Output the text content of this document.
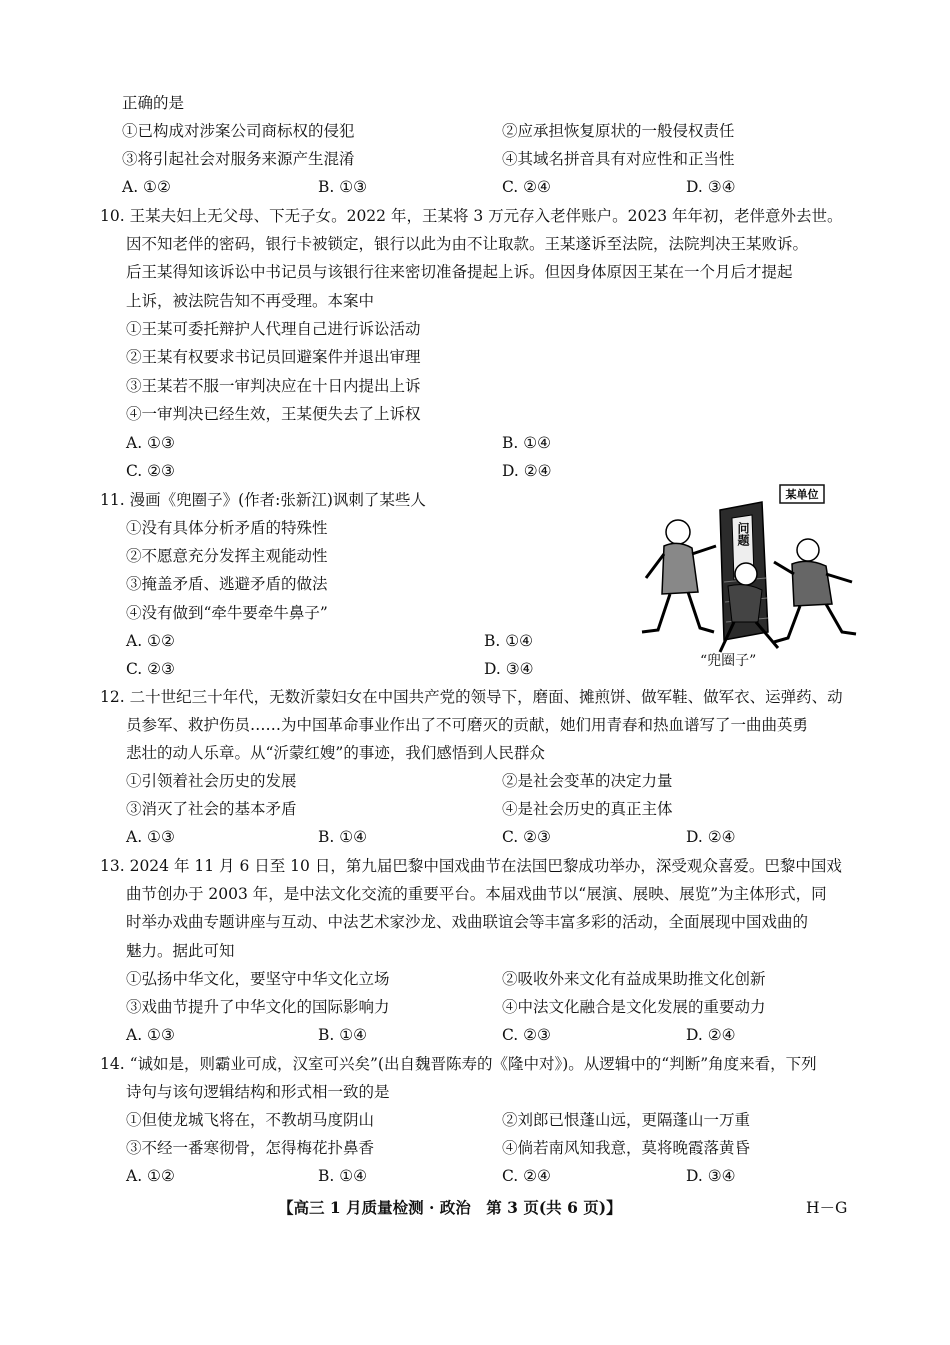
正确的是
①已构成对涉案公司商标权的侵犯	②应承担恢复原状的一般侵权责任
③将引起社会对服务来源产生混淆	④其域名拼音具有对应性和正当性
A. ①②	B. ①③	C. ②④	D. ③④
10. 王某夫妇上无父母、下无子女。2022 年，王某将 3 万元存入老伴账户。2023 年年初，老伴意外去世。
因不知老伴的密码，银行卡被锁定，银行以此为由不让取款。王某遂诉至法院，法院判决王某败诉。
后王某得知该诉讼中书记员与该银行往来密切准备提起上诉。但因身体原因王某在一个月后才提起
上诉，被法院告知不再受理。本案中
①王某可委托辩护人代理自己进行诉讼活动
②王某有权要求书记员回避案件并退出审理
③王某若不服一审判决应在十日内提出上诉
④一审判决已经生效，王某便失去了上诉权
A. ①③	B. ①④
C. ②③	D. ②④
11. 漫画《兜圈子》(作者:张新江)讽刺了某些人
①没有具体分析矛盾的特殊性
②不愿意充分发挥主观能动性
③掩盖矛盾、逃避矛盾的做法
④没有做到“牵牛要牵牛鼻子”
A. ①②	B. ①④
C. ②③	D. ③④
某单位
问题
“兜圈子”
12. 二十世纪三十年代，无数沂蒙妇女在中国共产党的领导下，磨面、摊煎饼、做军鞋、做军衣、运弹药、动
员参军、救护伤员……为中国革命事业作出了不可磨灭的贡献，她们用青春和热血谱写了一曲曲英勇
悲壮的动人乐章。从“沂蒙红嫂”的事迹，我们感悟到人民群众
①引领着社会历史的发展	②是社会变革的决定力量
③消灭了社会的基本矛盾	④是社会历史的真正主体
A. ①③	B. ①④	C. ②③	D. ②④
13. 2024 年 11 月 6 日至 10 日，第九届巴黎中国戏曲节在法国巴黎成功举办，深受观众喜爱。巴黎中国戏
曲节创办于 2003 年，是中法文化交流的重要平台。本届戏曲节以“展演、展映、展览”为主体形式，同
时举办戏曲专题讲座与互动、中法艺术家沙龙、戏曲联谊会等丰富多彩的活动，全面展现中国戏曲的
魅力。据此可知
①弘扬中华文化，要坚守中华文化立场	②吸收外来文化有益成果助推文化创新
③戏曲节提升了中华文化的国际影响力	④中法文化融合是文化发展的重要动力
A. ①③	B. ①④	C. ②③	D. ②④
14. “诚如是，则霸业可成，汉室可兴矣”(出自魏晋陈寿的《隆中对》)。从逻辑中的“判断”角度来看，下列
诗句与该句逻辑结构和形式相一致的是
①但使龙城飞将在，不教胡马度阴山	②刘郎已恨蓬山远，更隔蓬山一万重
③不经一番寒彻骨，怎得梅花扑鼻香	④倘若南风知我意，莫将晚霞落黄昏
A. ①②	B. ①④	C. ②④	D. ③④
【高三 1 月质量检测 · 政治　第 3 页(共 6 页)】	H－G
